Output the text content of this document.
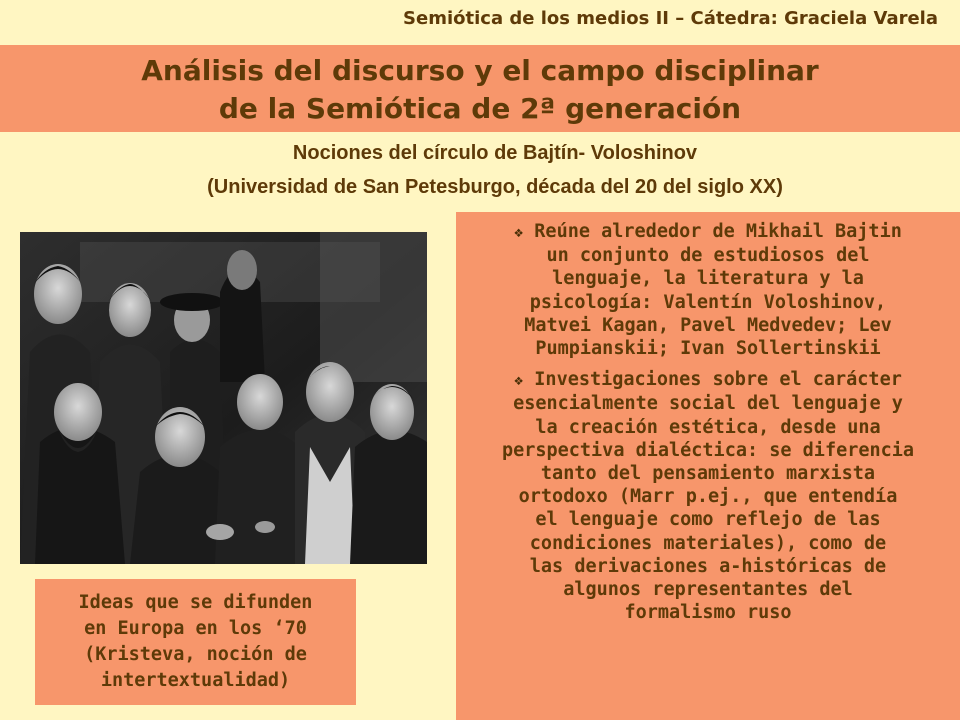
Semiótica de los medios II – Cátedra: Graciela Varela
Análisis del discurso y el campo disciplinar
de la Semiótica de 2ª generación
Nociones del círculo de Bajtín- Voloshinov
(Universidad de San Petesburgo, década del 20 del siglo XX)
Ideas que se difunden
en Europa en los ‘70
(Kristeva, noción de
intertextualidad)
❖ Reúne alrededor de Mikhail Bajtin
un conjunto de estudiosos del
lenguaje, la literatura y la
psicología: Valentín Voloshinov,
Matvei Kagan, Pavel Medvedev; Lev
Pumpianskii; Ivan Sollertinskii
❖ Investigaciones sobre el carácter
esencialmente social del lenguaje y
la creación estética, desde una
perspectiva dialéctica: se diferencia
tanto del pensamiento marxista
ortodoxo (Marr p.ej., que entendía
el lenguaje como reflejo de las
condiciones materiales), como de
las derivaciones a-históricas de
algunos representantes del
formalismo ruso
